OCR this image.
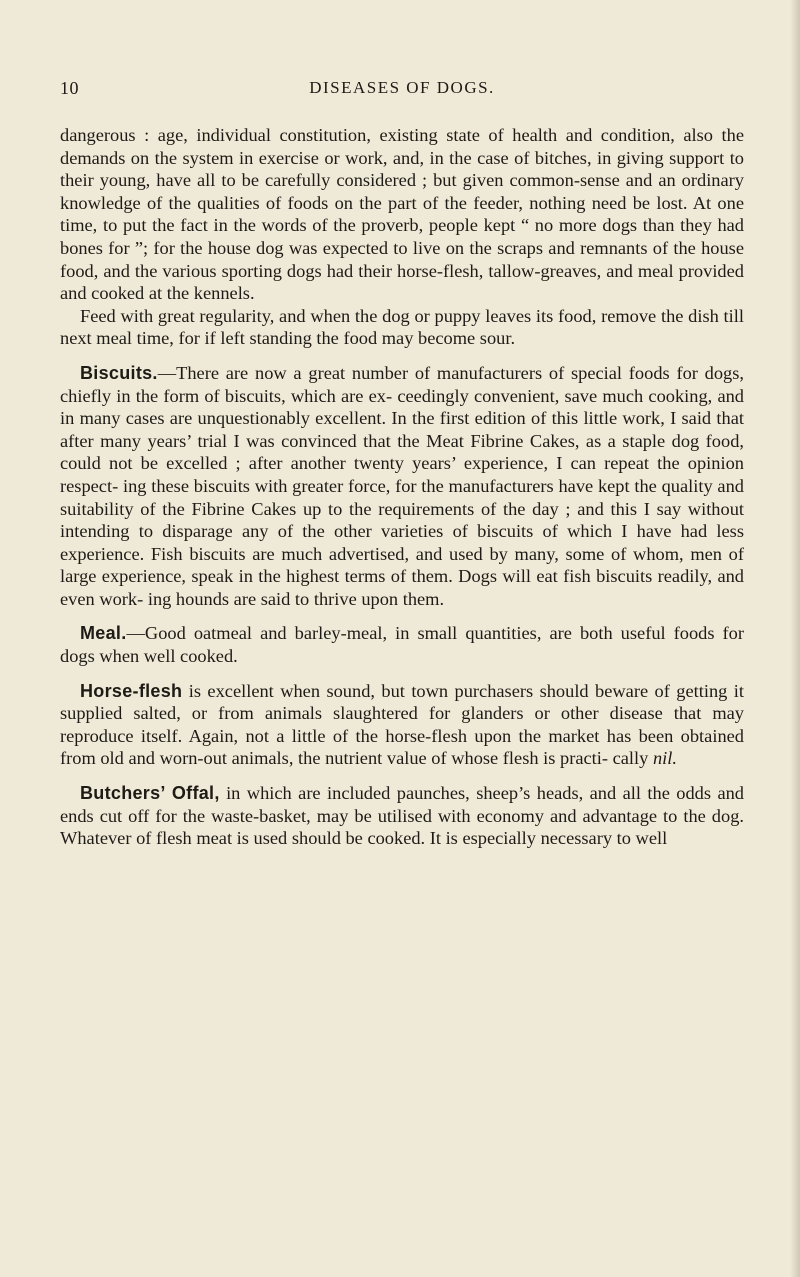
10	DISEASES OF DOGS.

dangerous : age, individual constitution, existing state of health and condition, also the demands on the system in exercise or work, and, in the case of bitches, in giving support to their young, have all to be carefully considered ; but given common-sense and an ordinary knowledge of the qualities of foods on the part of the feeder, nothing need be lost. At one time, to put the fact in the words of the proverb, people kept “ no more dogs than they had bones for ”; for the house dog was expected to live on the scraps and remnants of the house food, and the various sporting dogs had their horse-flesh, tallow-greaves, and meal provided and cooked at the kennels.

Feed with great regularity, and when the dog or puppy leaves its food, remove the dish till next meal time, for if left standing the food may become sour.

Biscuits.—There are now a great number of manufacturers of special foods for dogs, chiefly in the form of biscuits, which are ex- ceedingly convenient, save much cooking, and in many cases are unquestionably excellent. In the first edition of this little work, I said that after many years’ trial I was convinced that the Meat Fibrine Cakes, as a staple dog food, could not be excelled ; after another twenty years’ experience, I can repeat the opinion respect- ing these biscuits with greater force, for the manufacturers have kept the quality and suitability of the Fibrine Cakes up to the requirements of the day ; and this I say without intending to disparage any of the other varieties of biscuits of which I have had less experience. Fish biscuits are much advertised, and used by many, some of whom, men of large experience, speak in the highest terms of them. Dogs will eat fish biscuits readily, and even work- ing hounds are said to thrive upon them.

Meal.—Good oatmeal and barley-meal, in small quantities, are both useful foods for dogs when well cooked.

Horse-flesh is excellent when sound, but town purchasers should beware of getting it supplied salted, or from animals slaughtered for glanders or other disease that may reproduce itself. Again, not a little of the horse-flesh upon the market has been obtained from old and worn-out animals, the nutrient value of whose flesh is practi- cally nil.

Butchers’ Offal, in which are included paunches, sheep’s heads, and all the odds and ends cut off for the waste-basket, may be utilised with economy and advantage to the dog. Whatever of flesh meat is used should be cooked. It is especially necessary to well
